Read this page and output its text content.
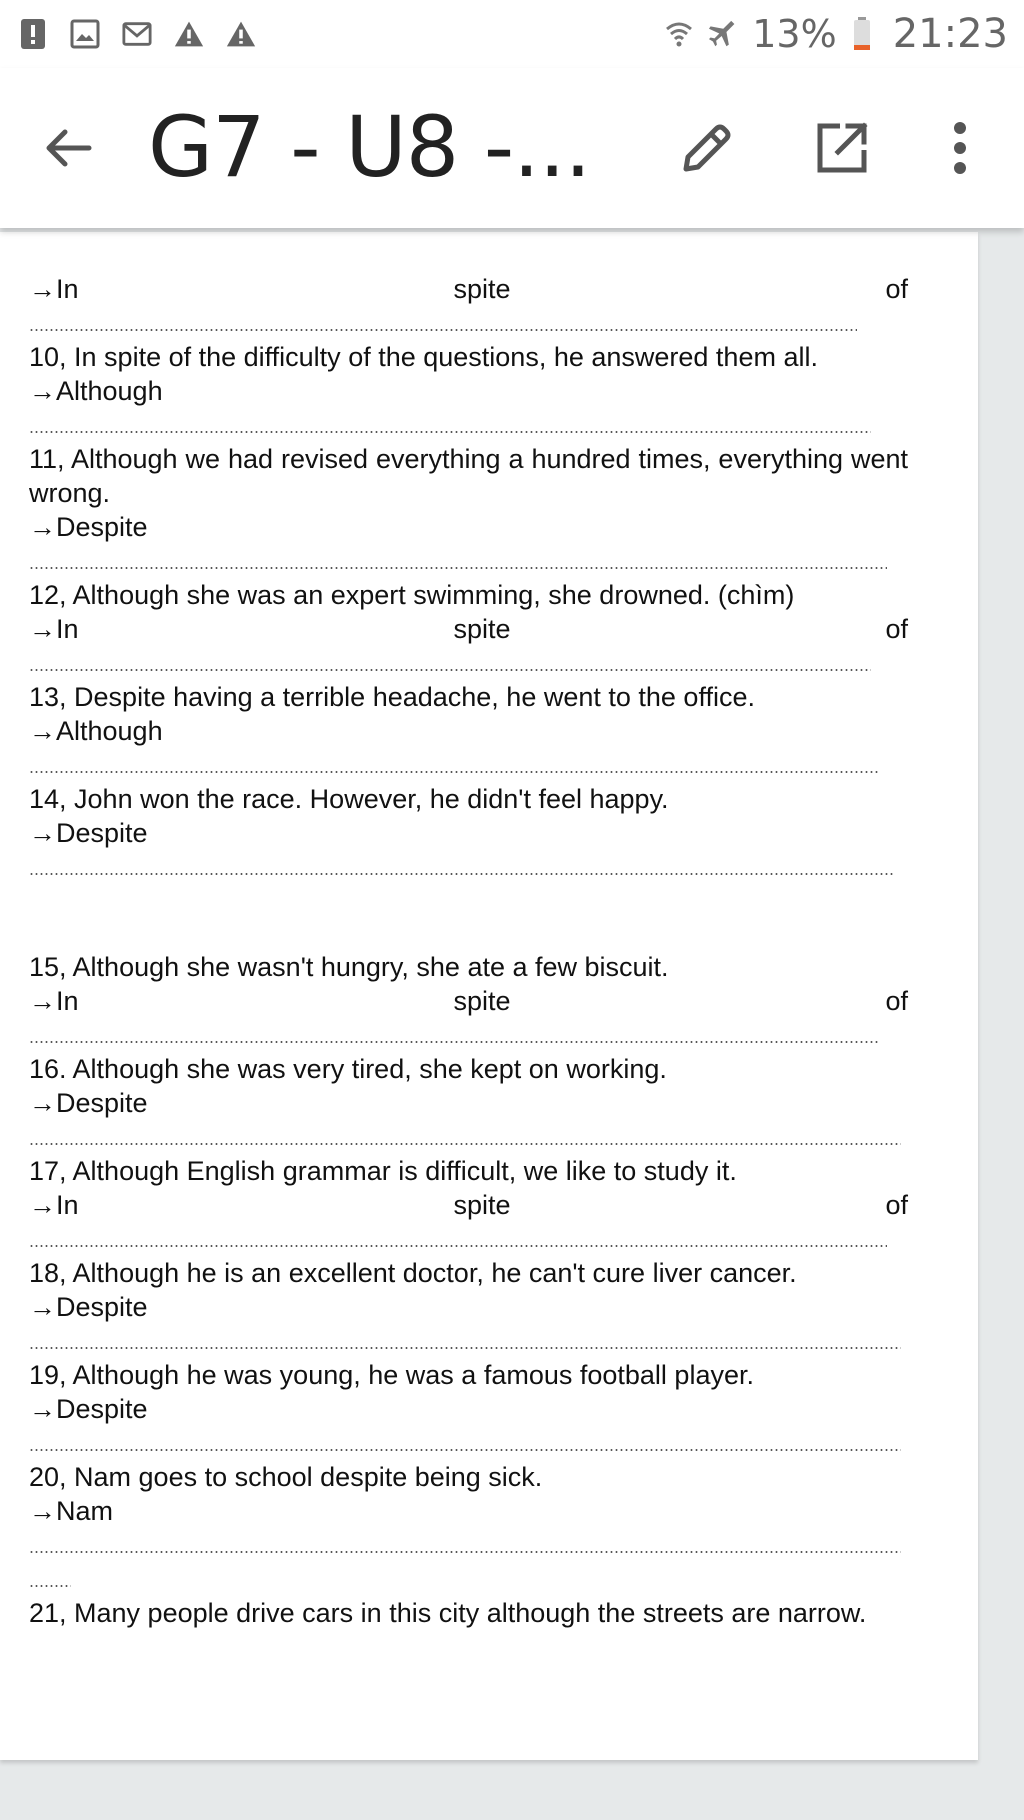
13% 21:23
G7 - U8 -...
→In	spite	of
10, In spite of the difficulty of the questions, he answered them all.
→Although
11, Although we had revised everything a hundred times, everything went wrong.
→Despite
12, Although she was an expert swimming, she drowned. (chìm)
→In	spite	of
13, Despite having a terrible headache, he went to the office.
→Although
14, John won the race. However, he didn't feel happy.
→Despite
15, Although she wasn't hungry, she ate a few biscuit.
→In	spite	of
16. Although she was very tired, she kept on working.
→Despite
17, Although English grammar is difficult, we like to study it.
→In	spite	of
18, Although he is an excellent doctor, he can't cure liver cancer.
→Despite
19, Although he was young, he was a famous football player.
→Despite
20, Nam goes to school despite being sick.
→Nam
21, Many people drive cars in this city although the streets are narrow.
